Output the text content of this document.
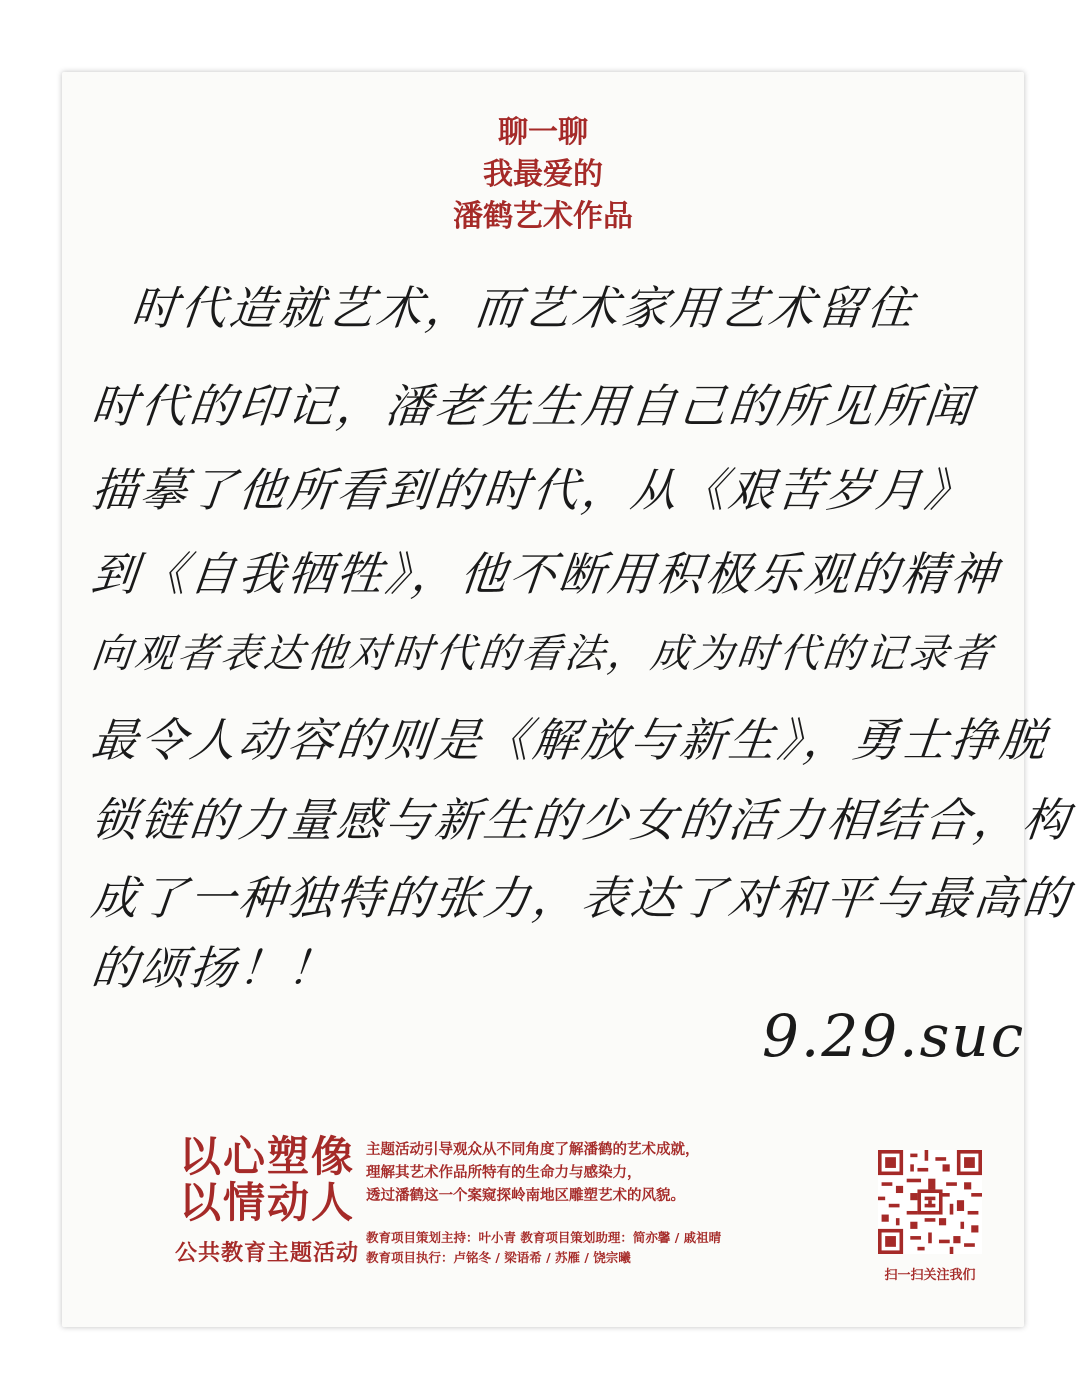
聊一聊
我最爱的
潘鹤艺术作品
时代造就艺术，而艺术家用艺术留住
时代的印记，潘老先生用自己的所见所闻
描摹了他所看到的时代，从《艰苦岁月》
到《自我牺牲》，他不断用积极乐观的精神
向观者表达他对时代的看法，成为时代的记录者
最令人动容的则是《解放与新生》，勇士挣脱
锁链的力量感与新生的少女的活力相结合，构
成了一种独特的张力，表达了对和平与最高的
的颂扬！！
9.29.suc
以心塑像
以情动人
公共教育主题活动
主题活动引导观众从不同角度了解潘鹤的艺术成就，
理解其艺术作品所特有的生命力与感染力，
透过潘鹤这一个案窥探岭南地区雕塑艺术的风貌。
教育项目策划主持：叶小青 教育项目策划助理：简亦馨 / 戚祖晴
教育项目执行：卢铭冬 / 梁语希 / 苏雁 / 饶宗曦
扫一扫关注我们
